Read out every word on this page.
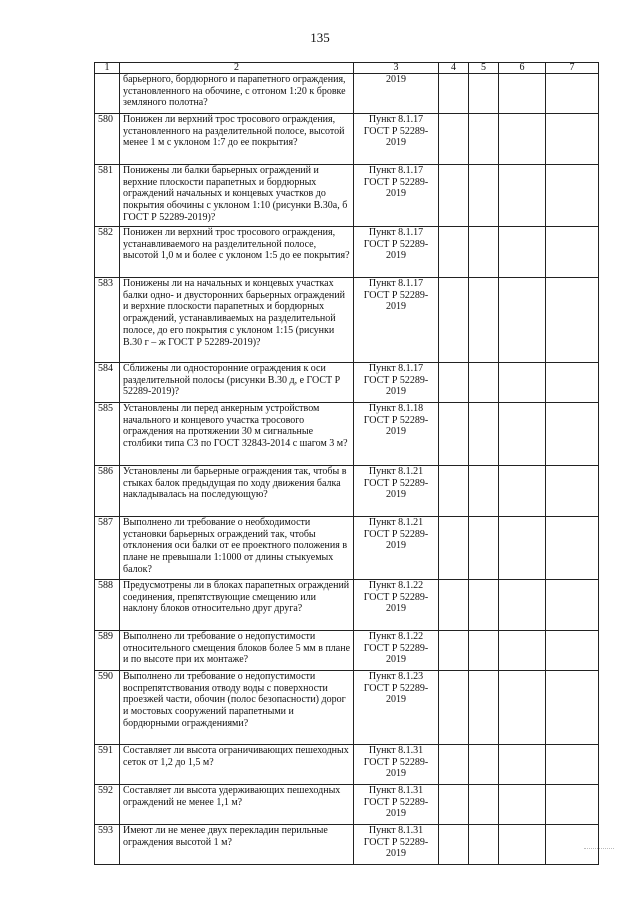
135
1	2	3	4	5	6	7
	барьерного, бордюрного и парапетного ограждения, установленного на обочине, с отгоном 1:20 к бровке земляного полотна?	2019				
580	Понижен ли верхний трос тросового ограждения, установленного на разделительной полосе, высотой менее 1 м с уклоном 1:7 до ее покрытия?	Пункт 8.1.17 ГОСТ Р 52289-2019				
581	Понижены ли балки барьерных ограждений и верхние плоскости парапетных и бордюрных ограждений начальных и концевых участков до покрытия обочины с уклоном 1:10 (рисунки В.30а, б ГОСТ Р 52289-2019)?	Пункт 8.1.17 ГОСТ Р 52289-2019				
582	Понижен ли верхний трос тросового ограждения, устанавливаемого на разделительной полосе, высотой 1,0 м и более с уклоном 1:5 до ее покрытия?	Пункт 8.1.17 ГОСТ Р 52289-2019				
583	Понижены ли на начальных и концевых участках балки одно- и двусторонних барьерных ограждений и верхние плоскости парапетных и бордюрных ограждений, устанавливаемых на разделительной полосе, до его покрытия с уклоном 1:15 (рисунки В.30 г – ж ГОСТ Р 52289-2019)?	Пункт 8.1.17 ГОСТ Р 52289-2019				
584	Сближены ли односторонние ограждения к оси разделительной полосы (рисунки В.30 д, е ГОСТ Р 52289-2019)?	Пункт 8.1.17 ГОСТ Р 52289-2019				
585	Установлены ли перед анкерным устройством начального и концевого участка тросового ограждения на протяжении 30 м сигнальные столбики типа С3 по ГОСТ 32843-2014 с шагом 3 м?	Пункт 8.1.18 ГОСТ Р 52289-2019				
586	Установлены ли барьерные ограждения так, чтобы в стыках балок предыдущая по ходу движения балка накладывалась на последующую?	Пункт 8.1.21 ГОСТ Р 52289-2019				
587	Выполнено ли требование о необходимости установки барьерных ограждений так, чтобы отклонения оси балки от ее проектного положения в плане не превышали 1:1000 от длины стыкуемых балок?	Пункт 8.1.21 ГОСТ Р 52289-2019				
588	Предусмотрены ли в блоках парапетных ограждений соединения, препятствующие смещению или наклону блоков относительно друг друга?	Пункт 8.1.22 ГОСТ Р 52289-2019				
589	Выполнено ли требование о недопустимости относительного смещения блоков более 5 мм в плане и по высоте при их монтаже?	Пункт 8.1.22 ГОСТ Р 52289-2019				
590	Выполнено ли требование о недопустимости воспрепятствования отводу воды с поверхности проезжей части, обочин (полос безопасности) дорог и мостовых сооружений парапетными и бордюрными ограждениями?	Пункт 8.1.23 ГОСТ Р 52289-2019				
591	Составляет ли высота ограничивающих пешеходных сеток от 1,2 до 1,5 м?	Пункт 8.1.31 ГОСТ Р 52289-2019				
592	Составляет ли высота удерживающих пешеходных ограждений не менее 1,1 м?	Пункт 8.1.31 ГОСТ Р 52289-2019				
593	Имеют ли не менее двух перекладин перильные ограждения высотой 1 м?	Пункт 8.1.31 ГОСТ Р 52289-2019				
